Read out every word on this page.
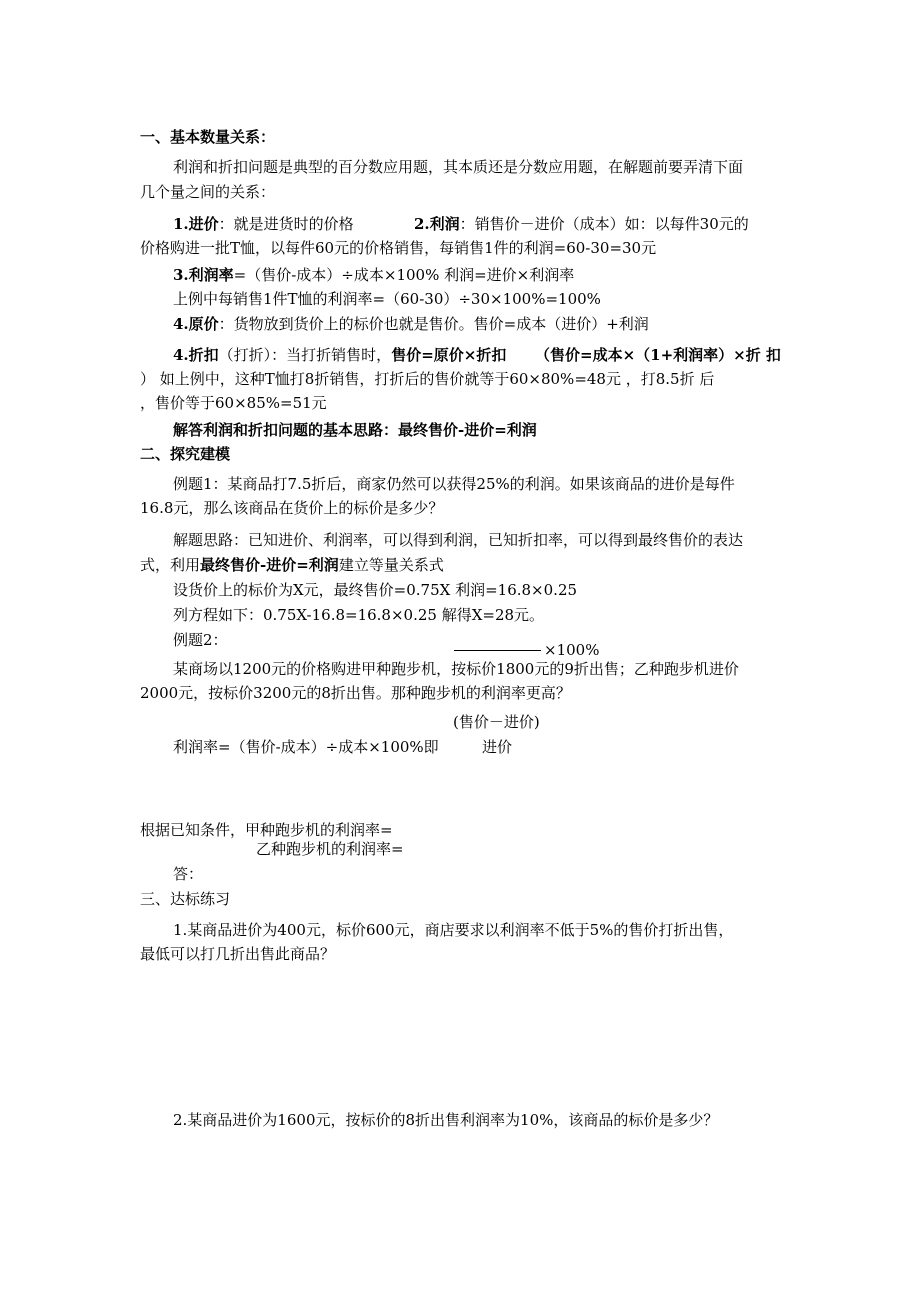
一、基本数量关系：
利润和折扣问题是典型的百分数应用题，其本质还是分数应用题，在解题前要弄清下面
几个量之间的关系：
1.进价：就是进货时的价格	2.利润：销售价－进价（成本）如：以每件30元的
价格购进一批T恤，以每件60元的价格销售，每销售1件的利润=60-30=30元
3.利润率=（售价-成本）÷成本×100% 利润=进价×利润率
上例中每销售1件T恤的利润率=（60-30）÷30×100%=100%
4.原价：货物放到货价上的标价也就是售价。售价=成本（进价）+利润
4.折扣（打折）：当打折销售时，售价=原价×折扣 （售价=成本×（1+利润率）×折 扣
） 如上例中，这种T恤打8折销售，打折后的售价就等于60×80%=48元 ，打8.5折 后
，售价等于60×85%=51元
解答利润和折扣问题的基本思路：最终售价-进价=利润
二、探究建模
例题1：某商品打7.5折后，商家仍然可以获得25%的利润。如果该商品的进价是每件
16.8元，那么该商品在货价上的标价是多少？
解题思路：已知进价、利润率，可以得到利润，已知折扣率，可以得到最终售价的表达
式，利用最终售价-进价=利润建立等量关系式
设货价上的标价为X元，最终售价=0.75X 利润=16.8×0.25
列方程如下：0.75X-16.8=16.8×0.25 解得X=28元。
例题2：
×100%
某商场以1200元的价格购进甲种跑步机，按标价1800元的9折出售；乙种跑步机进价
2000元，按标价3200元的8折出售。那种跑步机的利润率更高？
(售价－进价)
利润率=（售价-成本）÷成本×100%即	进价
根据已知条件，甲种跑步机的利润率=
乙种跑步机的利润率=
答：
三、达标练习
1.某商品进价为400元，标价600元，商店要求以利润率不低于5%的售价打折出售，
最低可以打几折出售此商品？
2.某商品进价为1600元，按标价的8折出售利润率为10%，该商品的标价是多少？
